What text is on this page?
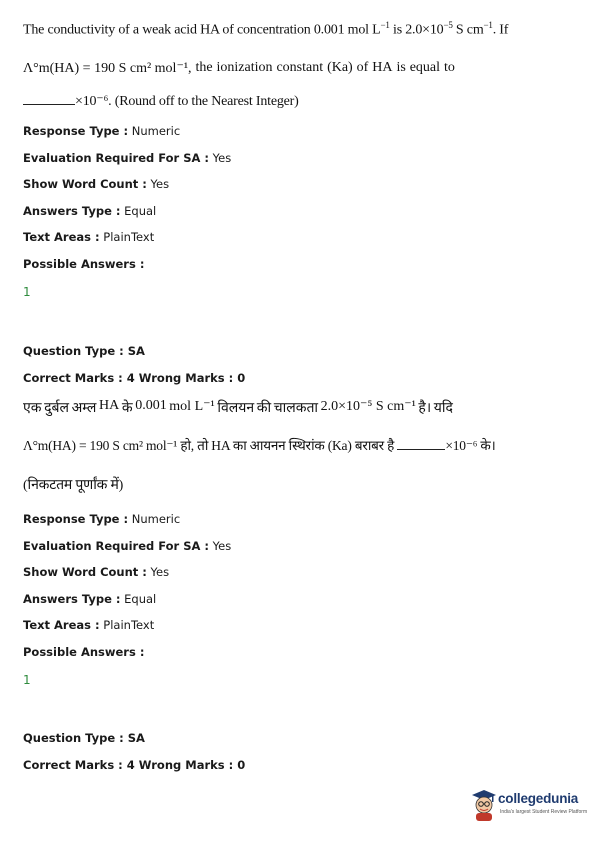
The conductivity of a weak acid HA of concentration 0.001 mol $L^{-1}$ is $2.0\times 10^{-5}$ S $cm^{-1}$. If
Λ°m(HA) = 190 S cm² mol⁻¹, the ionization constant (Ka) of HA is equal to
×10⁻⁶. (Round off to the Nearest Integer)
Response Type : Numeric
Evaluation Required For SA : Yes
Show Word Count : Yes
Answers Type : Equal
Text Areas : PlainText
Possible Answers :
1
Question Type : SA
Correct Marks : 4 Wrong Marks : 0
एक दुर्बल अम्ल HA के 0.001 mol L⁻¹ विलयन की चालकता 2.0×10⁻⁵ S cm⁻¹ है। यदि
Λ°m(HA) = 190 S cm² mol⁻¹ हो, तो HA का आयनन स्थिरांक (Ka) बराबर है	×10⁻⁶ के।
(निकटतम पूर्णांक में)
Response Type : Numeric
Evaluation Required For SA : Yes
Show Word Count : Yes
Answers Type : Equal
Text Areas : PlainText
Possible Answers :
1
Question Type : SA
Correct Marks : 4 Wrong Marks : 0
collegedunia
India's largest Student Review Platform
